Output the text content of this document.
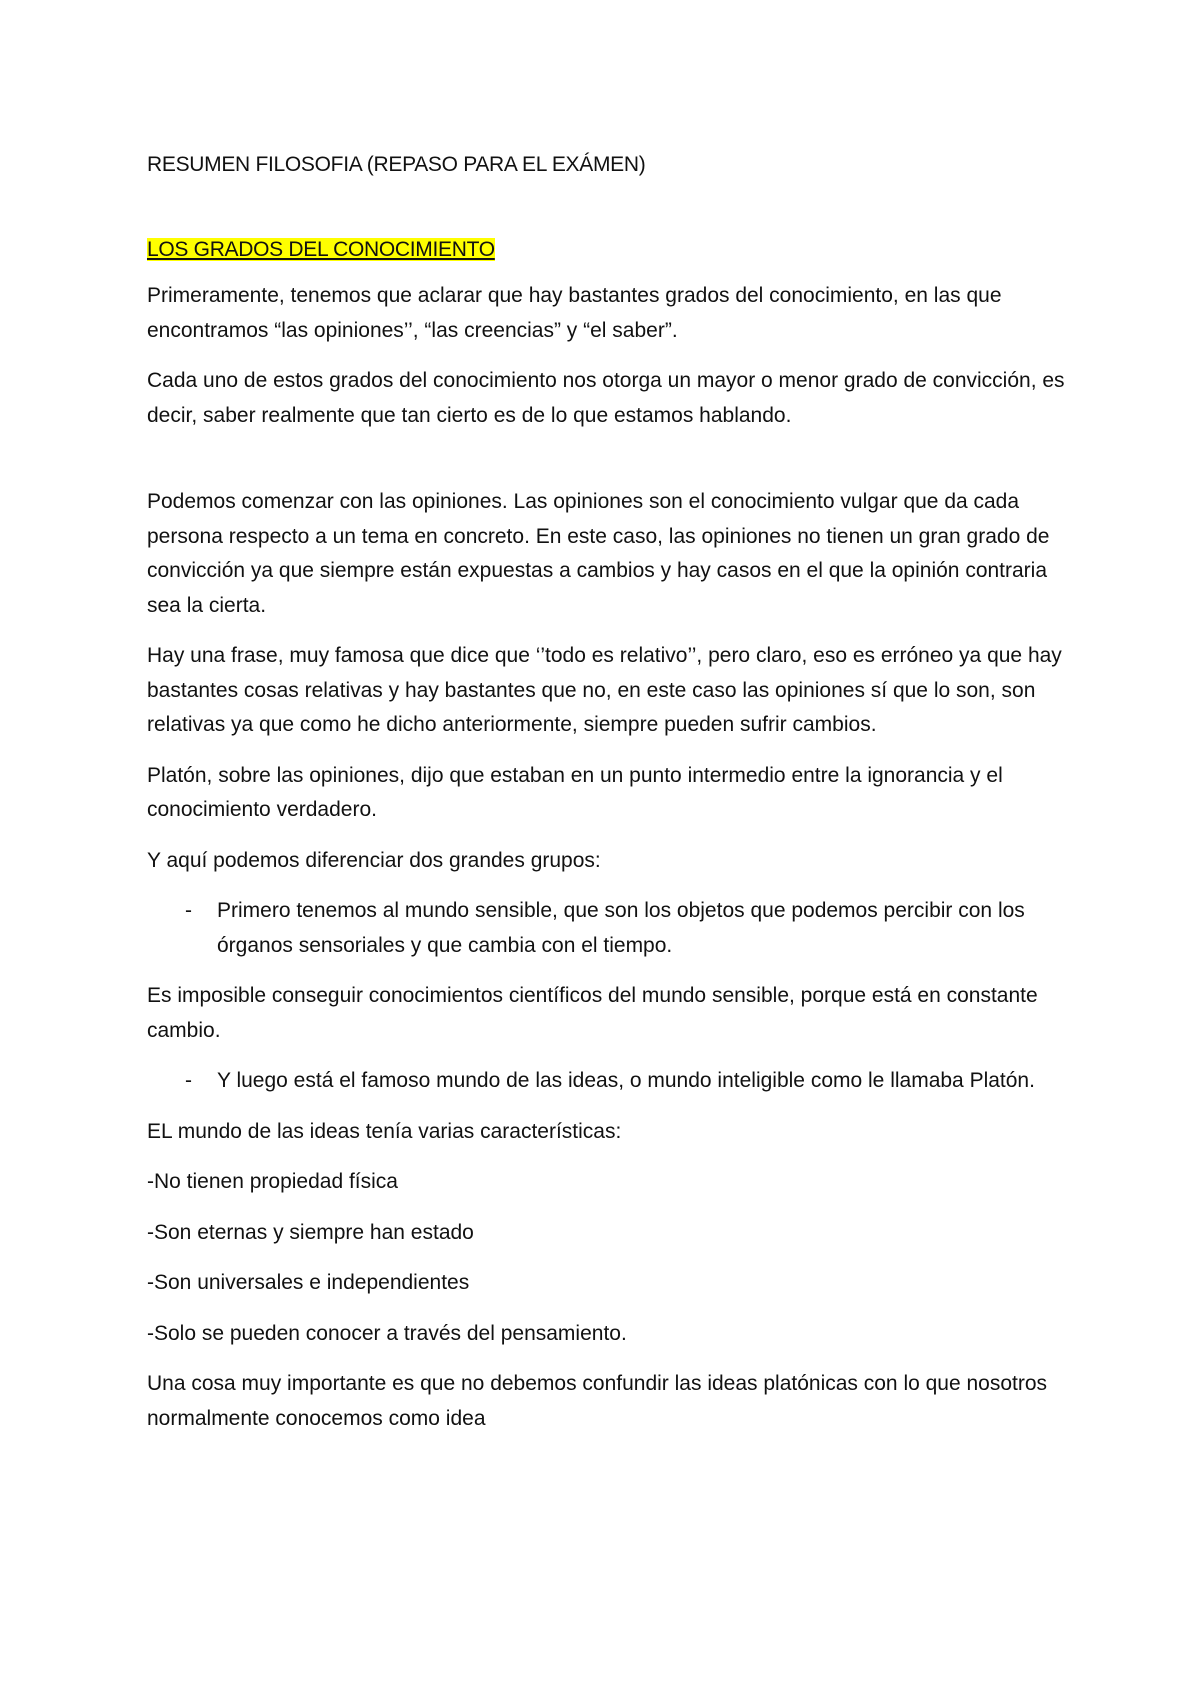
RESUMEN FILOSOFIA (REPASO PARA EL EXÁMEN)
LOS GRADOS DEL CONOCIMIENTO

Primeramente, tenemos que aclarar que hay bastantes grados del conocimiento, en las que encontramos “las opiniones’’, “las creencias” y “el saber”.

Cada uno de estos grados del conocimiento nos otorga un mayor o menor grado de convicción, es decir, saber realmente que tan cierto es de lo que estamos hablando.

Podemos comenzar con las opiniones. Las opiniones son el conocimiento vulgar que da cada persona respecto a un tema en concreto. En este caso, las opiniones no tienen un gran grado de convicción ya que siempre están expuestas a cambios y hay casos en el que la opinión contraria sea la cierta.

Hay una frase, muy famosa que dice que ‘’todo es relativo’’, pero claro, eso es erróneo ya que hay bastantes cosas relativas y hay bastantes que no, en este caso las opiniones sí que lo son, son relativas ya que como he dicho anteriormente, siempre pueden sufrir cambios.

Platón, sobre las opiniones, dijo que estaban en un punto intermedio entre la ignorancia y el conocimiento verdadero.

Y aquí podemos diferenciar dos grandes grupos:

-	Primero tenemos al mundo sensible, que son los objetos que podemos percibir con los órganos sensoriales y que cambia con el tiempo.

Es imposible conseguir conocimientos científicos del mundo sensible, porque está en constante cambio.

-	Y luego está el famoso mundo de las ideas, o mundo inteligible como le llamaba Platón.

EL mundo de las ideas tenía varias características:

-No tienen propiedad física

-Son eternas y siempre han estado

-Son universales e independientes

-Solo se pueden conocer a través del pensamiento.

Una cosa muy importante es que no debemos confundir las ideas platónicas con lo que nosotros normalmente conocemos como idea
